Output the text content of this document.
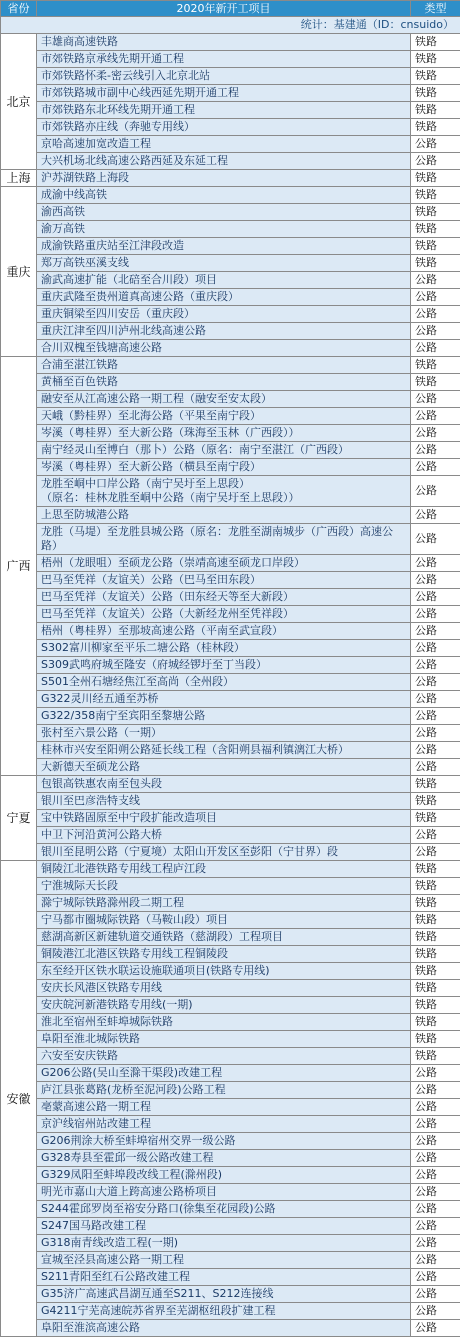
省份	2020年新开工项目	类型
统计：基建通（ID：cnsuido）		
北京	丰雄商高速铁路	铁路
	市郊铁路京承线先期开通工程	铁路
	市郊铁路怀柔-密云线引入北京北站	铁路
	市郊铁路城市副中心线西延先期开通工程	铁路
	市郊铁路东北环线先期开通工程	铁路
	市郊铁路亦庄线（奔驰专用线）	铁路
	京哈高速加宽改造工程	公路
	大兴机场北线高速公路西延及东延工程	公路
上海	沪苏湖铁路上海段	铁路
重庆	成渝中线高铁	铁路
	渝西高铁	铁路
	渝万高铁	铁路
	成渝铁路重庆站至江津段改造	铁路
	郑万高铁巫溪支线	铁路
	渝武高速扩能（北碚至合川段）项目	公路
	重庆武隆至贵州道真高速公路（重庆段）	公路
	重庆铜梁至四川安岳（重庆段）	公路
	重庆江津至四川泸州北线高速公路	公路
	合川双槐至钱塘高速公路	公路
广西	合浦至湛江铁路	铁路
	黄桶至百色铁路	铁路
	融安至从江高速公路一期工程（融安至安太段）	公路
	天峨（黔桂界）至北海公路（平果至南宁段）	公路
	岑溪（粤桂界）至大新公路（珠海至玉林（广西段））	公路
	南宁经灵山至博白（那卜）公路（原名：南宁至湛江（广西段）	公路
	岑溪（粤桂界）至大新公路（横县至南宁段）	公路
	龙胜至峒中口岸公路（南宁吴圩至上思段）
（原名：桂林龙胜至峒中公路（南宁吴圩至上思段））	公路
	上思至防城港公路	公路
	龙胜（马堤）至龙胜县城公路（原名：龙胜至湖南城步（广西段）高速公路）	公路
	梧州（龙眼咀）至硕龙公路（崇靖高速至硕龙口岸段）	公路
	巴马至凭祥（友谊关）公路（巴马至田东段）	公路
	巴马至凭祥（友谊关）公路（田东经天等至大新段）	公路
	巴马至凭祥（友谊关）公路（大新经龙州至凭祥段）	公路
	梧州（粤桂界）至那坡高速公路（平南至武宣段）	公路
	S302富川柳家至平乐二塘公路（桂林段）	公路
	S309武鸣府城至隆安（府城经锣圩至丁当段）	公路
	S501全州石塘经焦江至高尚（全州段）	公路
	G322灵川经五通至苏桥	公路
	G322/358南宁至宾阳至黎塘公路	公路
	张村至六景公路（一期）	公路
	桂林市兴安至阳朔公路延长线工程（含阳朔县福利镇漓江大桥）	公路
	大新德天至硕龙公路	公路
宁夏	包银高铁惠农南至包头段	铁路
	银川至巴彦浩特支线	铁路
	宝中铁路固原至中宁段扩能改造项目	铁路
	中卫下河沿黄河公路大桥	公路
	银川至昆明公路（宁夏境）太阳山开发区至彭阳（宁甘界）段	公路
安徽	铜陵江北港铁路专用线工程庐江段	铁路
	宁淮城际天长段	铁路
	滁宁城际铁路滁州段二期工程	铁路
	宁马都市圈城际铁路（马鞍山段）项目	铁路
	慈湖高新区新建轨道交通铁路（慈湖段）工程项目	铁路
	铜陵港江北港区铁路专用线工程铜陵段	铁路
	东至经开区铁水联运设施联通项目(铁路专用线)	铁路
	安庆长风港区铁路专用线	铁路
	安庆皖河新港铁路专用线(一期)	铁路
	淮北至宿州至蚌埠城际铁路	铁路
	阜阳至淮北城际铁路	铁路
	六安至安庆铁路	铁路
	G206公路(吴山至滁干渠段)改建工程	公路
	庐江县张葛路(龙桥至泥河段)公路工程	公路
	亳蒙高速公路一期工程	公路
	京沪线宿州站改建工程	公路
	G206荆涂大桥至蚌埠宿州交界一级公路	公路
	G328寿县至霍邱一级公路改建工程	公路
	G329凤阳至蚌埠段改线工程(滁州段)	公路
	明光市嘉山大道上跨高速公路桥项目	公路
	S244霍邱罗岗至裕安分路口(徐集至花园段)公路	公路
	S247国马路改建工程	公路
	G318南青线改造工程(一期)	公路
	宣城至泾县高速公路一期工程	公路
	S211青阳至红石公路改建工程	公路
	G35济广高速武昌湖互通至S211、S212连接线	公路
	G4211宁芜高速皖苏省界至芜湖枢纽段扩建工程	公路
	阜阳至淮滨高速公路	公路
